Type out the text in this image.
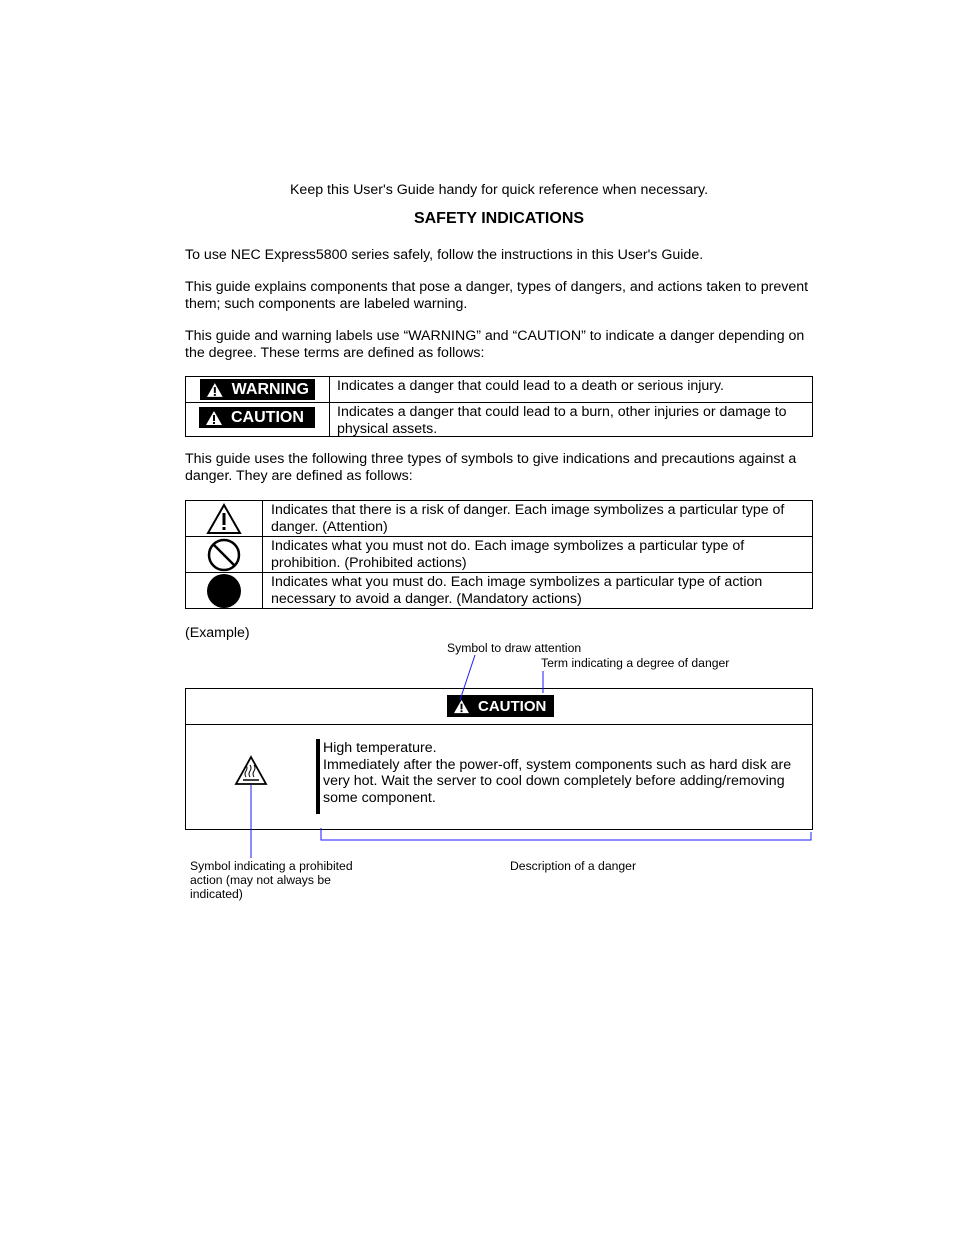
Keep this User's Guide handy for quick reference when necessary.
SAFETY INDICATIONS
To use NEC Express5800 series safely, follow the instructions in this User's Guide.
This guide explains components that pose a danger, types of dangers, and actions taken to prevent
them; such components are labeled warning.
This guide and warning labels use “WARNING” and “CAUTION” to indicate a danger depending on
the degree. These terms are defined as follows:
WARNING Indicates a danger that could lead to a death or serious injury.
CAUTION Indicates a danger that could lead to a burn, other injuries or damage to
physical assets.
This guide uses the following three types of symbols to give indications and precautions against a
danger. They are defined as follows:
Indicates that there is a risk of danger. Each image symbolizes a particular type of
danger. (Attention)
Indicates what you must not do. Each image symbolizes a particular type of
prohibition. (Prohibited actions)
Indicates what you must do. Each image symbolizes a particular type of action
necessary to avoid a danger. (Mandatory actions)
(Example)
Symbol to draw attention
Term indicating a degree of danger
CAUTION
High temperature.
Immediately after the power-off, system components such as hard disk are
very hot. Wait the server to cool down completely before adding/removing
some component.
Symbol indicating a prohibited
action (may not always be
indicated)
Description of a danger
